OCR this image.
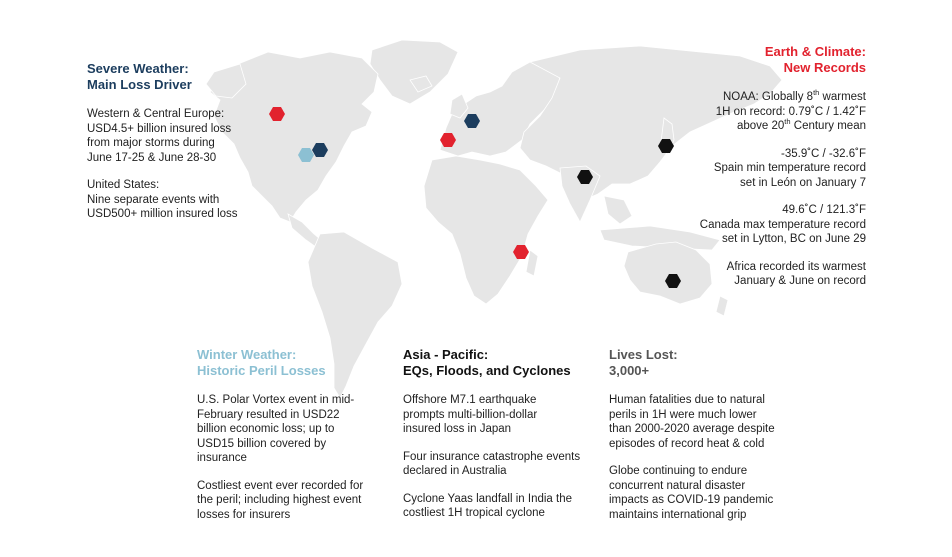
Severe Weather:
Main Loss Driver
Western & Central Europe:
USD4.5+ billion insured loss
from major storms during
June 17-25 & June 28-30
United States:
Nine separate events with
USD500+ million insured loss
Earth & Climate:
New Records
NOAA: Globally 8th warmest
1H on record: 0.79˚C / 1.42˚F
above 20th Century mean
-35.9˚C / -32.6˚F
Spain min temperature record
set in León on January 7
49.6˚C / 121.3˚F
Canada max temperature record
set in Lytton, BC on June 29
Africa recorded its warmest
January & June on record
Winter Weather:
Historic Peril Losses
U.S. Polar Vortex event in mid-
February resulted in USD22
billion economic loss; up to
USD15 billion covered by
insurance
Costliest event ever recorded for
the peril; including highest event
losses for insurers
Asia - Pacific:
EQs, Floods, and Cyclones
Offshore M7.1 earthquake
prompts multi-billion-dollar
insured loss in Japan
Four insurance catastrophe events
declared in Australia
Cyclone Yaas landfall in India the
costliest 1H tropical cyclone
Lives Lost:
3,000+
Human fatalities due to natural
perils in 1H were much lower
than 2000-2020 average despite
episodes of record heat & cold
Globe continuing to endure
concurrent natural disaster
impacts as COVID-19 pandemic
maintains international grip
